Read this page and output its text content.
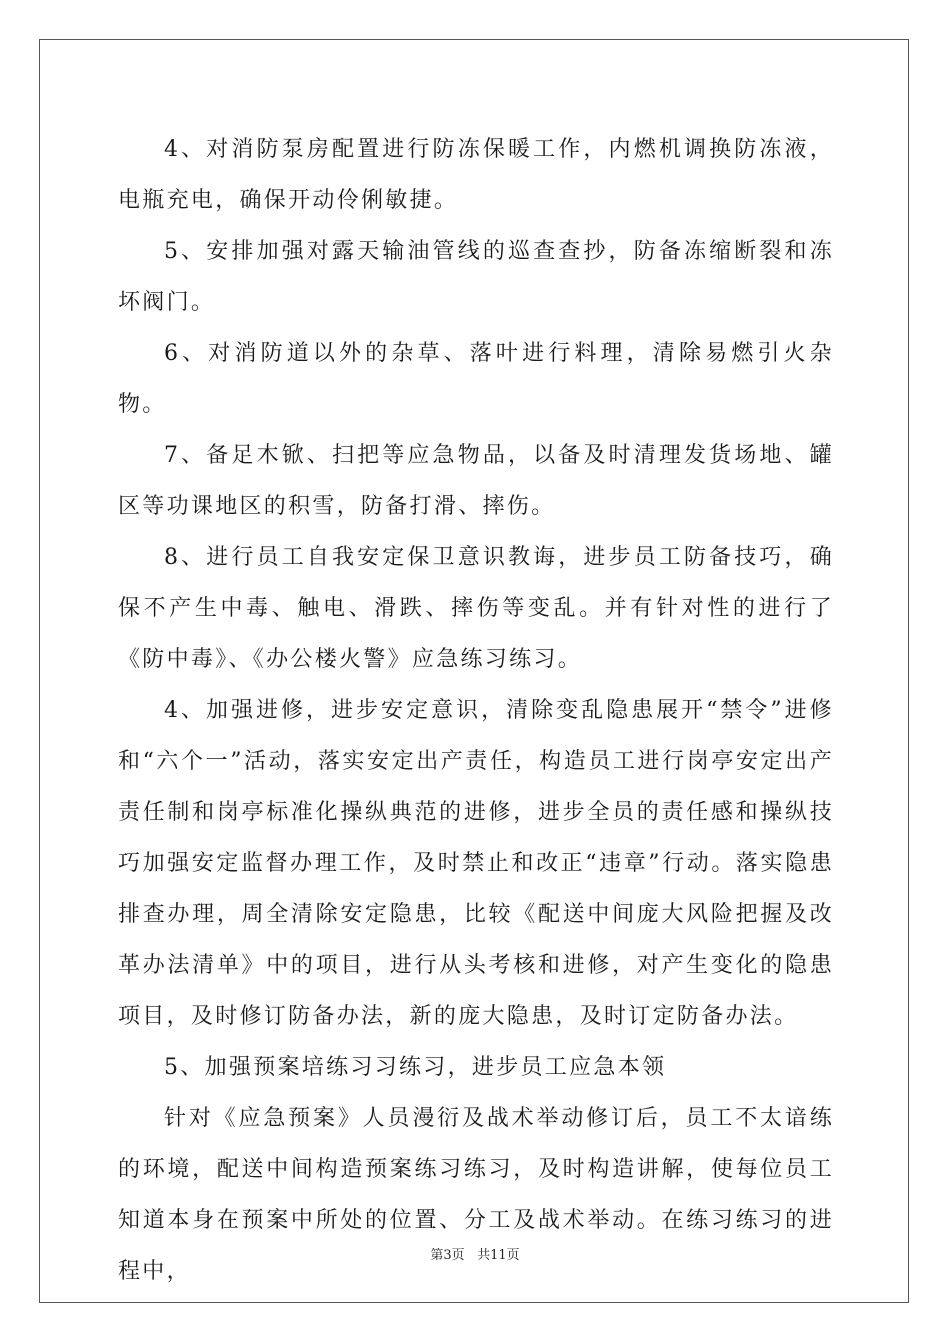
4、对消防泵房配置进行防冻保暖工作，内燃机调换防冻液，电瓶充电，确保开动伶俐敏捷。

5、安排加强对露天输油管线的巡查查抄，防备冻缩断裂和冻坏阀门。

6、对消防道以外的杂草、落叶进行料理，清除易燃引火杂物。

7、备足木锨、扫把等应急物品，以备及时清理发货场地、罐区等功课地区的积雪，防备打滑、摔伤。

8、进行员工自我安定保卫意识教诲，进步员工防备技巧，确保不产生中毒、触电、滑跌、摔伤等变乱。并有针对性的进行了《防中毒》、《办公楼火警》应急练习练习。

4、加强进修，进步安定意识，清除变乱隐患展开“禁令”进修和“六个一”活动，落实安定出产责任，构造员工进行岗亭安定出产责任制和岗亭标准化操纵典范的进修，进步全员的责任感和操纵技巧加强安定监督办理工作，及时禁止和改正“违章”行动。落实隐患排查办理，周全清除安定隐患，比较《配送中间庞大风险把握及改革办法清单》中的项目，进行从头考核和进修，对产生变化的隐患项目，及时修订防备办法，新的庞大隐患，及时订定防备办法。

5、加强预案培练习习练习，进步员工应急本领

针对《应急预案》人员漫衍及战术举动修订后，员工不太谙练的环境，配送中间构造预案练习练习，及时构造讲解，使每位员工知道本身在预案中所处的位置、分工及战术举动。在练习练习的进程中，

第3页 共11页
